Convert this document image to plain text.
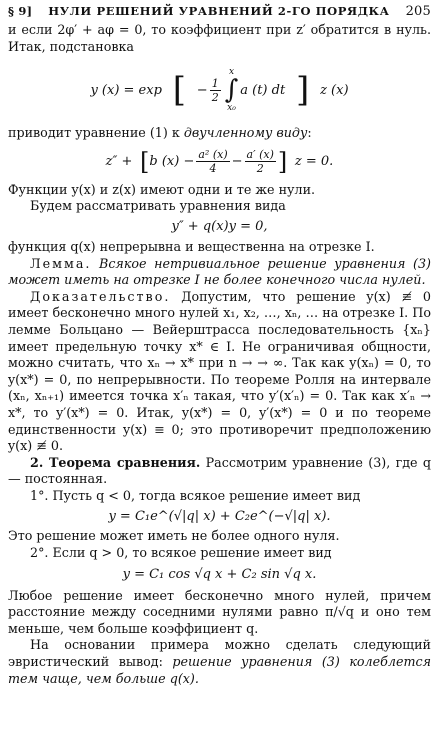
§ 9] НУЛИ РЕШЕНИЙ УРАВНЕНИЙ 2-ГО ПОРЯДКА 205

и если 2φ′ + aφ = 0, то коэффициент при z′ обратится в нуль. Итак, подстановка

y (x) = exp [ − $\frac{1}{2}$
x
∫
x₀
a (t) dt ] z (x)

приводит уравнение (1) к двучленному виду:

z″ + [ b $(x) - \frac{\text{a² (x)}}{4} - \frac{a' (x)}{2}$ ] z = 0.

Функции y(x) и z(x) имеют одни и те же нули.

Будем рассматривать уравнения вида

y″ + q(x)y = 0,

функция q(x) непрерывна и вещественна на отрезке I.

Лемма. Всякое нетривиальное решение уравнения (3) может иметь на отрезке I не более конечного числа нулей.

Доказательство. Допустим, что решение y(x) ≢ 0 имеет бесконечно много нулей x₁, x₂, …, xₙ, … на отрезке I. По лемме Больцано — Вейерштрасса последовательность {xₙ} имеет предельную точку x* ∈ I. Не ограничивая общности, можно считать, что xₙ → x* при n → → ∞. Так как y(xₙ) = 0, то y(x*) = 0, по непрерывности. По теореме Ролля на интервале (xₙ, xₙ₊₁) имеется точка x′ₙ такая, что y′(x′ₙ) = 0. Так как x′ₙ → x*, то y′(x*) = 0. Итак, y(x*) = 0, y′(x*) = 0 и по теореме единственности y(x) ≡ 0; это противоречит предположению y(x) ≢ 0.

2. Теорема сравнения. Рассмотрим уравнение (3), где q — постоянная.

1°. Пусть q < 0, тогда всякое решение имеет вид

y = C₁e^(√|q| x) + C₂e^(−√|q| x).

Это решение может иметь не более одного нуля.

2°. Если q > 0, то всякое решение имеет вид

y = C₁ cos √q x + C₂ sin √q x.

Любое решение имеет бесконечно много нулей, причем расстояние между соседними нулями равно π/√q и оно тем меньше, чем больше коэффициент q.

На основании примера можно сделать следующий эвристический вывод: решение уравнения (3) колеблется тем чаще, чем больше q(x).
